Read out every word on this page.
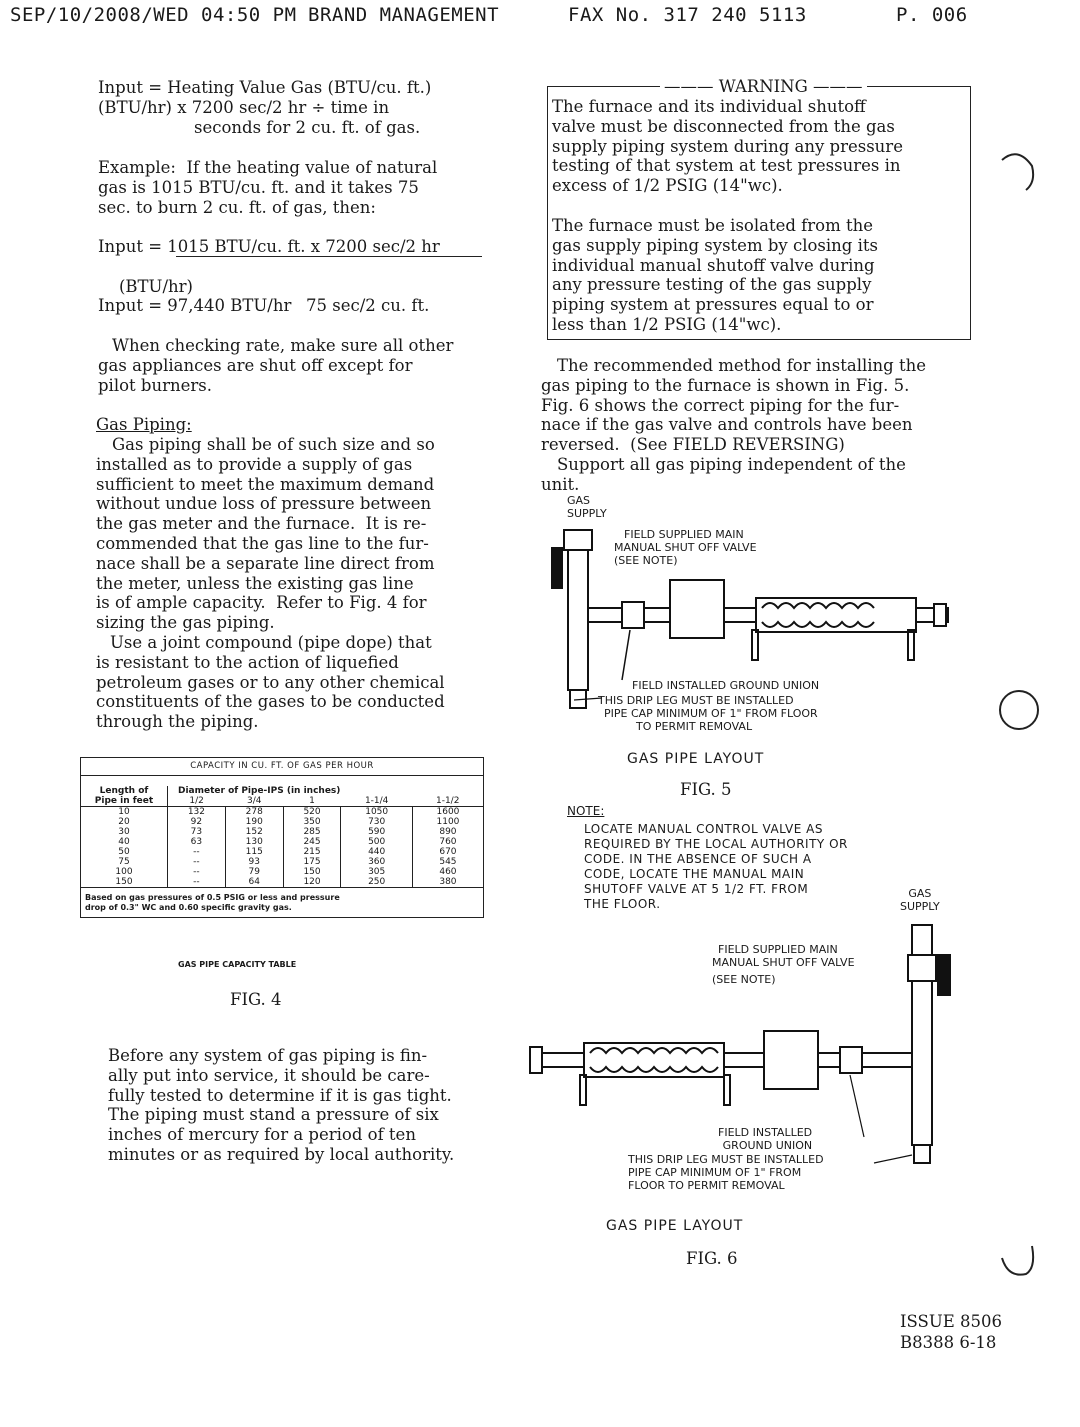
SEP/10/2008/WED 04:50 PM BRAND MANAGEMENT	FAX No. 317 240 5113	P. 006
Input = Heating Value Gas (BTU/cu. ft.)
(BTU/hr) x 7200 sec/2 hr ÷ time in
seconds for 2 cu. ft. of gas.
Example:  If the heating value of natural
gas is 1015 BTU/cu. ft. and it takes 75
sec. to burn 2 cu. ft. of gas, then:
Input = 1015 BTU/cu. ft. x 7200 sec/2 hr

(BTU/hr)

75 sec/2 cu. ft.

Input = 97,440 BTU/hr
When checking rate, make sure all other
gas appliances are shut off except for
pilot burners.
Gas Piping:
Gas piping shall be of such size and so
installed as to provide a supply of gas
sufficient to meet the maximum demand
without undue loss of pressure between
the gas meter and the furnace.  It is re-
commended that the gas line to the fur-
nace shall be a separate line direct from
the meter, unless the existing gas line
is of ample capacity.  Refer to Fig. 4 for
sizing the gas piping.
Use a joint compound (pipe dope) that
is resistant to the action of liquefied
petroleum gases or to any other chemical
constituents of the gases to be conducted
through the piping.
CAPACITY IN CU. FT. OF GAS PER HOUR
Length of	Diameter of Pipe-IPS (in inches)				
Pipe in feet	1/2	3/4	1	1-1/4	1-1/2
10	132	278	520	1050	1600
20	92	190	350	730	1100
30	73	152	285	590	890
40	63	130	245	500	760
50	--	115	215	440	670
75	--	93	175	360	545
100	--	79	150	305	460
150	--	64	120	250	380
Based on gas pressures of 0.5 PSIG or less and pressure
drop of 0.3" WC and 0.60 specific gravity gas.
GAS PIPE CAPACITY TABLE
FIG. 4
Before any system of gas piping is fin-
ally put into service, it should be care-
fully tested to determine if it is gas tight.
The piping must stand a pressure of six
inches of mercury for a period of ten
minutes or as required by local authority.
——— WARNING ———
The furnace and its individual shutoff
valve must be disconnected from the gas
supply piping system during any pressure
testing of that system at test pressures in
excess of 1/2 PSIG (14"wc).
The furnace must be isolated from the
gas supply piping system by closing its
individual manual shutoff valve during
any pressure testing of the gas supply
piping system at pressures equal to or
less than 1/2 PSIG (14"wc).
The recommended method for installing the
gas piping to the furnace is shown in Fig. 5.
Fig. 6 shows the correct piping for the fur-
nace if the gas valve and controls have been
reversed.  (See FIELD REVERSING)
Support all gas piping independent of the
unit.
GAS
SUPPLY
FIELD SUPPLIED MAIN
MANUAL SHUT OFF VALVE
(SEE NOTE)
FIELD INSTALLED GROUND UNION
THIS DRIP LEG MUST BE INSTALLED
PIPE CAP MINIMUM OF 1" FROM FLOOR
TO PERMIT REMOVAL
GAS PIPE LAYOUT
FIG. 5
NOTE:
LOCATE MANUAL CONTROL VALVE AS
REQUIRED BY THE LOCAL AUTHORITY OR
CODE. IN THE ABSENCE OF SUCH A
CODE, LOCATE THE MANUAL MAIN
SHUTOFF VALVE AT 5 1/2 FT. FROM
THE FLOOR.
GAS
SUPPLY
FIELD SUPPLIED MAIN
MANUAL SHUT OFF VALVE
(SEE NOTE)
FIELD INSTALLED
GROUND UNION
THIS DRIP LEG MUST BE INSTALLED
PIPE CAP MINIMUM OF 1" FROM
FLOOR TO PERMIT REMOVAL
GAS PIPE LAYOUT
FIG. 6
ISSUE 8506
B8388 6-18
